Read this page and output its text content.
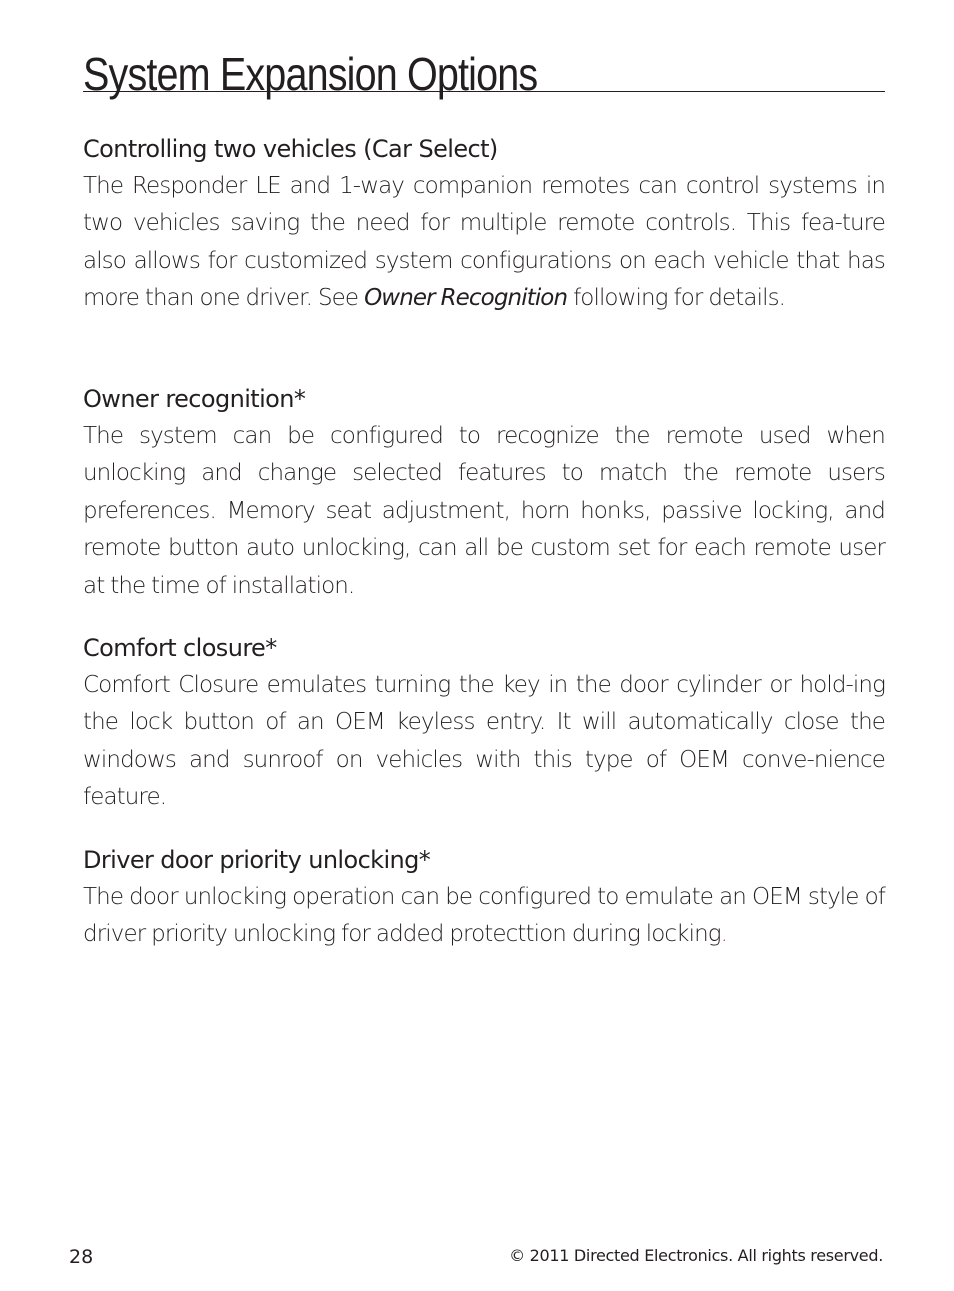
System Expansion Options
Controlling two vehicles (Car Select)

The Responder LE and 1-way companion remotes can control systems in two vehicles saving the need for multiple remote controls. This fea-ture also allows for customized system configurations on each vehicle that has more than one driver. See Owner Recognition following for details.

Owner recognition*

The system can be configured to recognize the remote used when unlocking and change selected features to match the remote users preferences. Memory seat adjustment, horn honks, passive locking, and remote button auto unlocking, can all be custom set for each remote user at the time of installation.

Comfort closure*

Comfort Closure emulates turning the key in the door cylinder or hold-ing the lock button of an OEM keyless entry. It will automatically close the windows and sunroof on vehicles with this type of OEM conve-nience feature.

Driver door priority unlocking*

The door unlocking operation can be configured to emulate an OEM style of driver priority unlocking for added protecttion during locking.

28	© 2011 Directed Electronics. All rights reserved.
